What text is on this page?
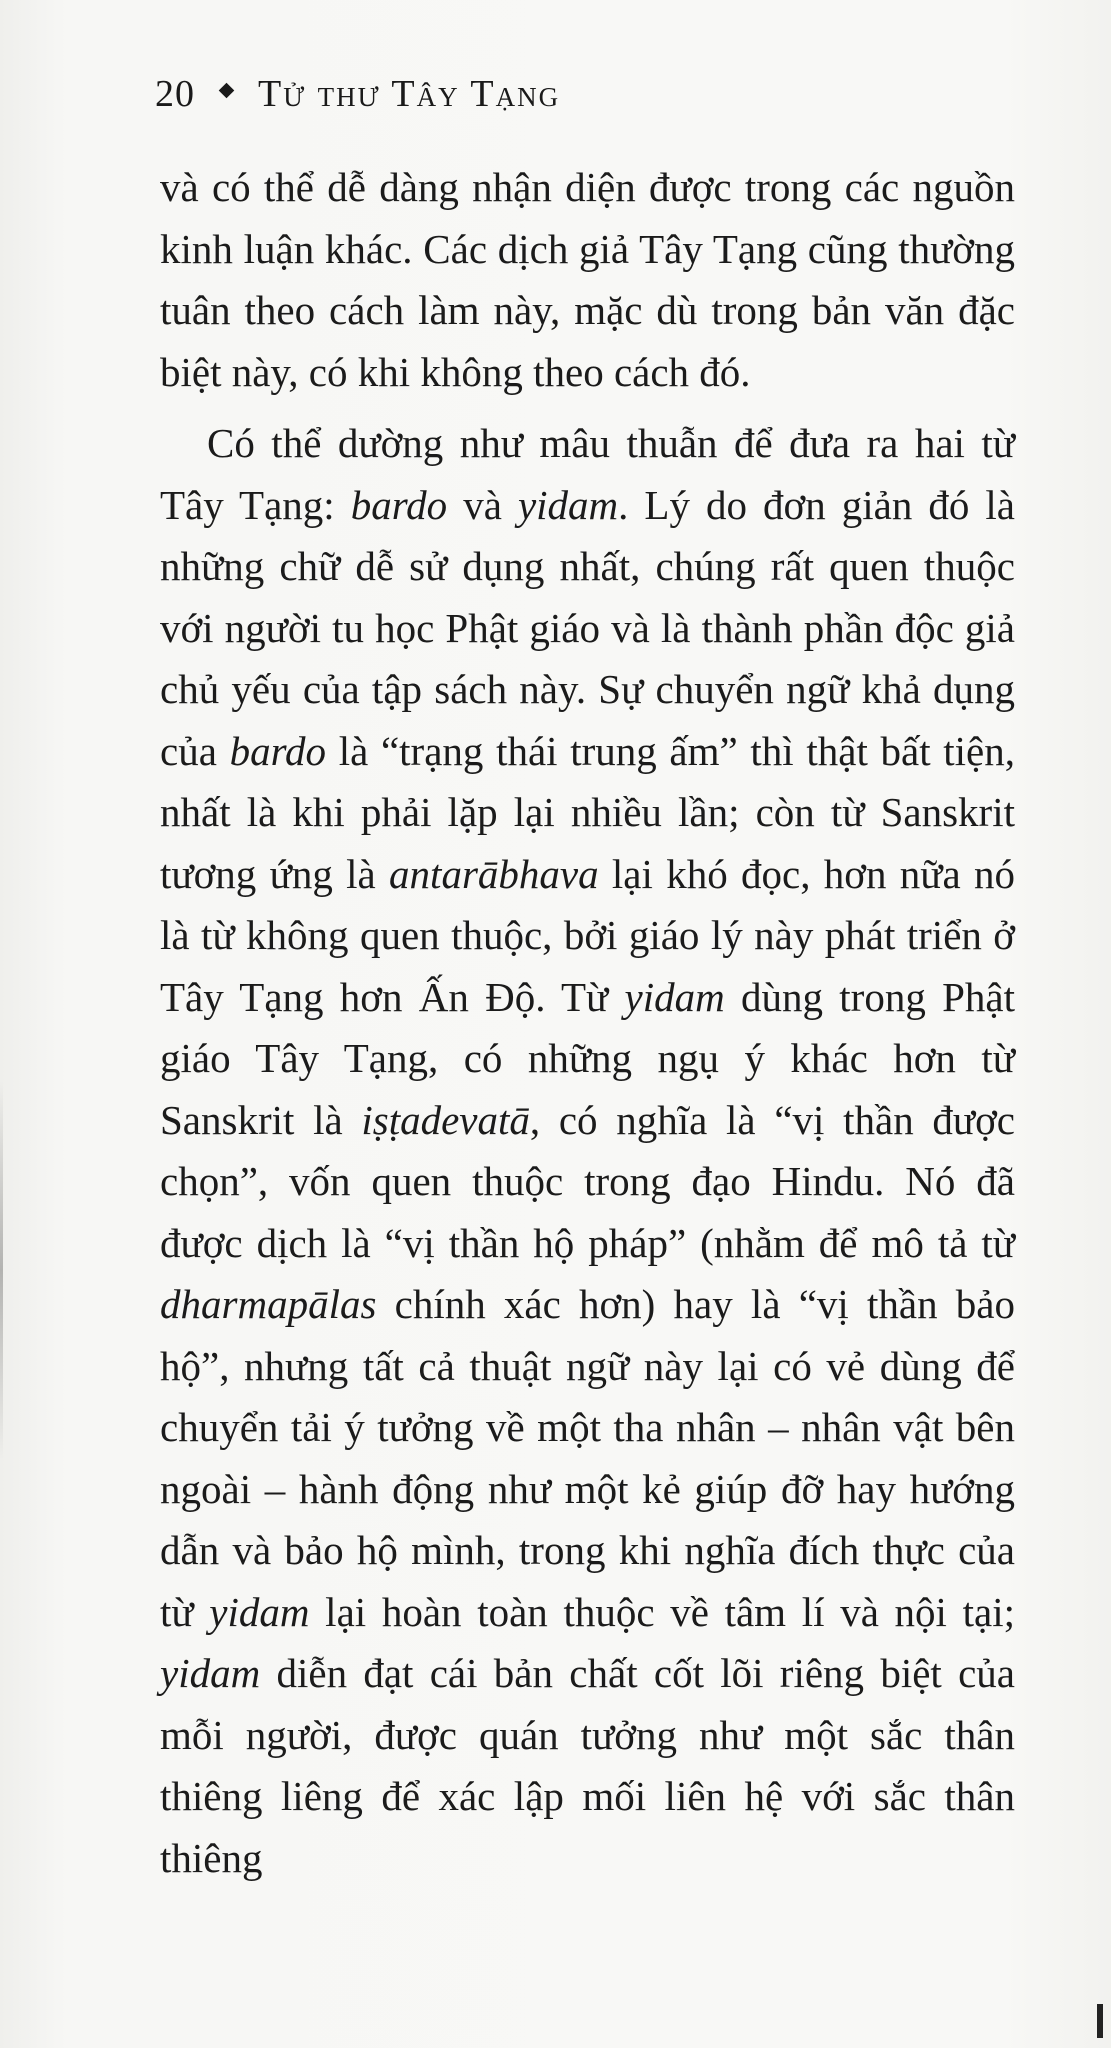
20 Tử thư Tây Tạng

và có thể dễ dàng nhận diện được trong các nguồn kinh luận khác. Các dịch giả Tây Tạng cũng thường tuân theo cách làm này, mặc dù trong bản văn đặc biệt này, có khi không theo cách đó.

Có thể dường như mâu thuẫn để đưa ra hai từ Tây Tạng: bardo và yidam. Lý do đơn giản đó là những chữ dễ sử dụng nhất, chúng rất quen thuộc với người tu học Phật giáo và là thành phần độc giả chủ yếu của tập sách này. Sự chuyển ngữ khả dụng của bardo là “trạng thái trung ấm” thì thật bất tiện, nhất là khi phải lặp lại nhiều lần; còn từ Sanskrit tương ứng là antarābhava lại khó đọc, hơn nữa nó là từ không quen thuộc, bởi giáo lý này phát triển ở Tây Tạng hơn Ấn Độ. Từ yidam dùng trong Phật giáo Tây Tạng, có những ngụ ý khác hơn từ Sanskrit là iṣṭadevatā, có nghĩa là “vị thần được chọn”, vốn quen thuộc trong đạo Hindu. Nó đã được dịch là “vị thần hộ pháp” (nhằm để mô tả từ dharmapālas chính xác hơn) hay là “vị thần bảo hộ”, nhưng tất cả thuật ngữ này lại có vẻ dùng để chuyển tải ý tưởng về một tha nhân – nhân vật bên ngoài – hành động như một kẻ giúp đỡ hay hướng dẫn và bảo hộ mình, trong khi nghĩa đích thực của từ yidam lại hoàn toàn thuộc về tâm lí và nội tại; yidam diễn đạt cái bản chất cốt lõi riêng biệt của mỗi người, được quán tưởng như một sắc thân thiêng liêng để xác lập mối liên hệ với sắc thân thiêng
